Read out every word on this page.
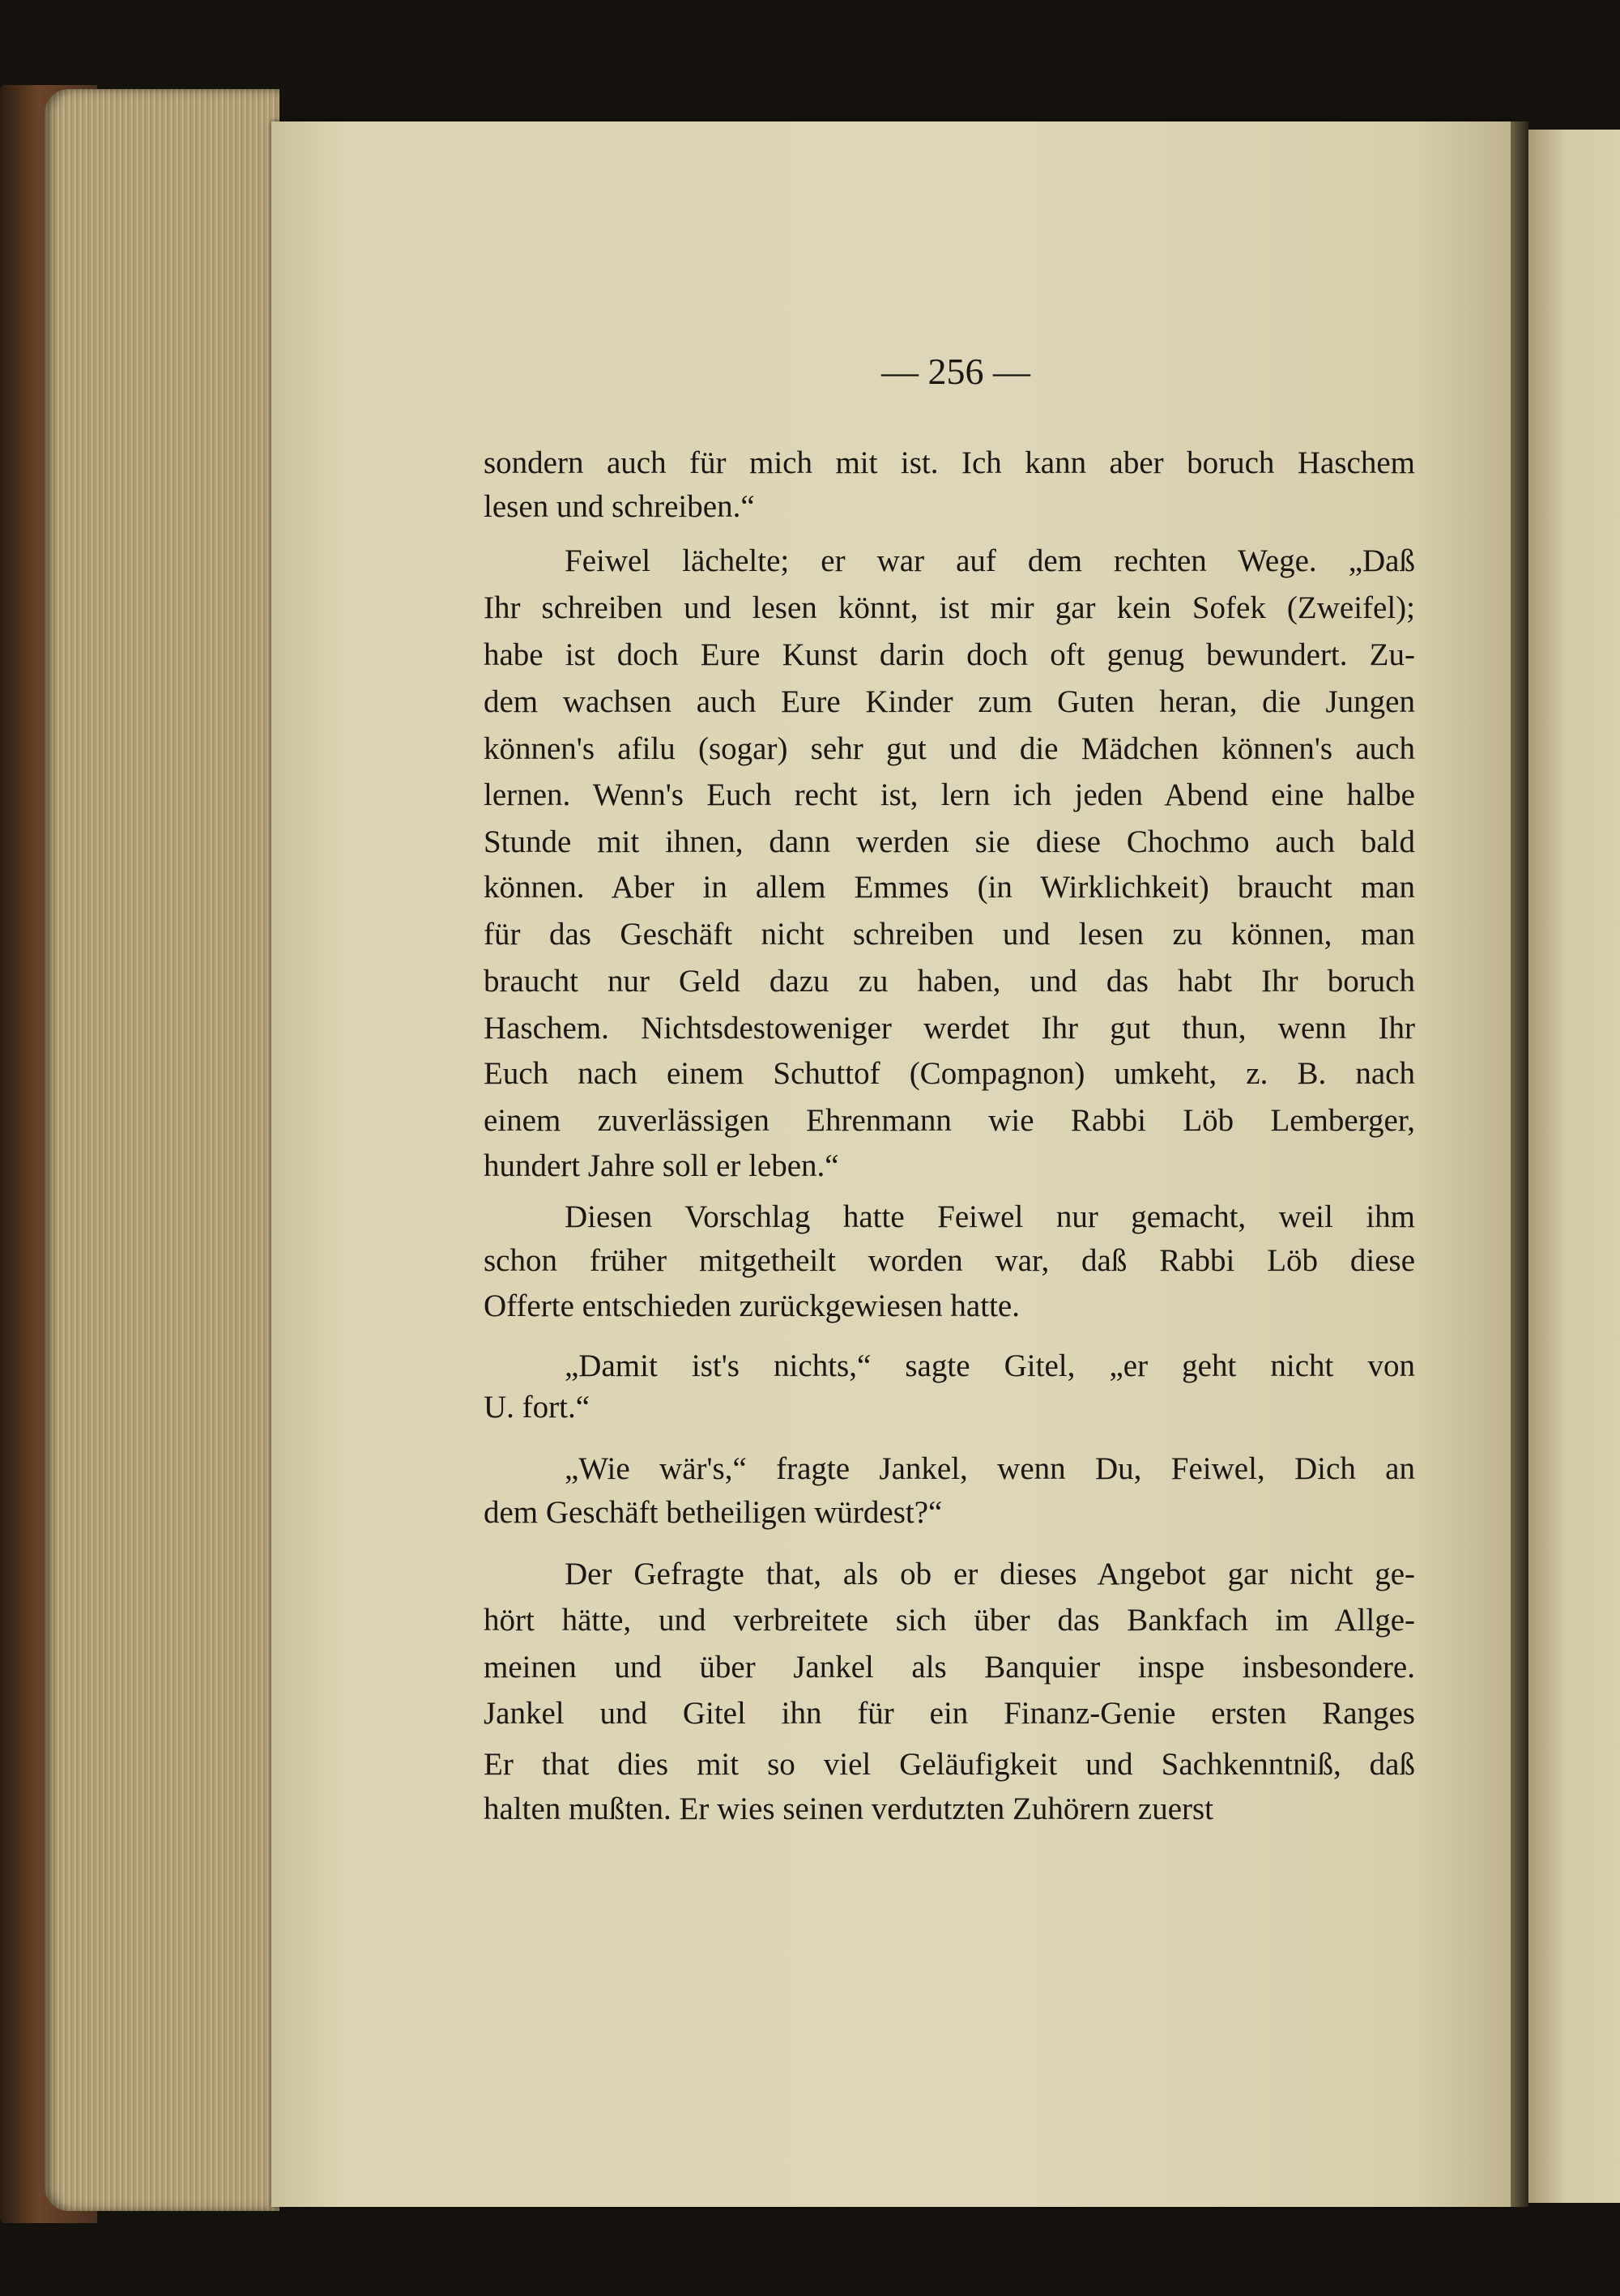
— 256 —
sondern auch für mich mit ist. Ich kann aber boruch Haschem
lesen und schreiben.“
Feiwel lächelte; er war auf dem rechten Wege. „Daß
Ihr schreiben und lesen könnt, ist mir gar kein Sofek (Zweifel);
habe ist doch Eure Kunst darin doch oft genug bewundert. Zu-
dem wachsen auch Eure Kinder zum Guten heran, die Jungen
können's afilu (sogar) sehr gut und die Mädchen können's auch
lernen. Wenn's Euch recht ist, lern ich jeden Abend eine halbe
Stunde mit ihnen, dann werden sie diese Chochmo auch bald
können. Aber in allem Emmes (in Wirklichkeit) braucht man
für das Geschäft nicht schreiben und lesen zu können, man
braucht nur Geld dazu zu haben, und das habt Ihr boruch
Haschem. Nichtsdestoweniger werdet Ihr gut thun, wenn Ihr
Euch nach einem Schuttof (Compagnon) umkeht, z. B. nach
einem zuverlässigen Ehrenmann wie Rabbi Löb Lemberger,
hundert Jahre soll er leben.“
Diesen Vorschlag hatte Feiwel nur gemacht, weil ihm
schon früher mitgetheilt worden war, daß Rabbi Löb diese
Offerte entschieden zurückgewiesen hatte.
„Damit ist's nichts,“ sagte Gitel, „er geht nicht von
U. fort.“
„Wie wär's,“ fragte Jankel, wenn Du, Feiwel, Dich an
dem Geschäft betheiligen würdest?“
Der Gefragte that, als ob er dieses Angebot gar nicht ge-
hört hätte, und verbreitete sich über das Bankfach im Allge-
meinen und über Jankel als Banquier inspe insbesondere.
Jankel und Gitel ihn für ein Finanz-Genie ersten Ranges
Er that dies mit so viel Geläufigkeit und Sachkenntniß, daß
halten mußten. Er wies seinen verdutzten Zuhörern zuerst
